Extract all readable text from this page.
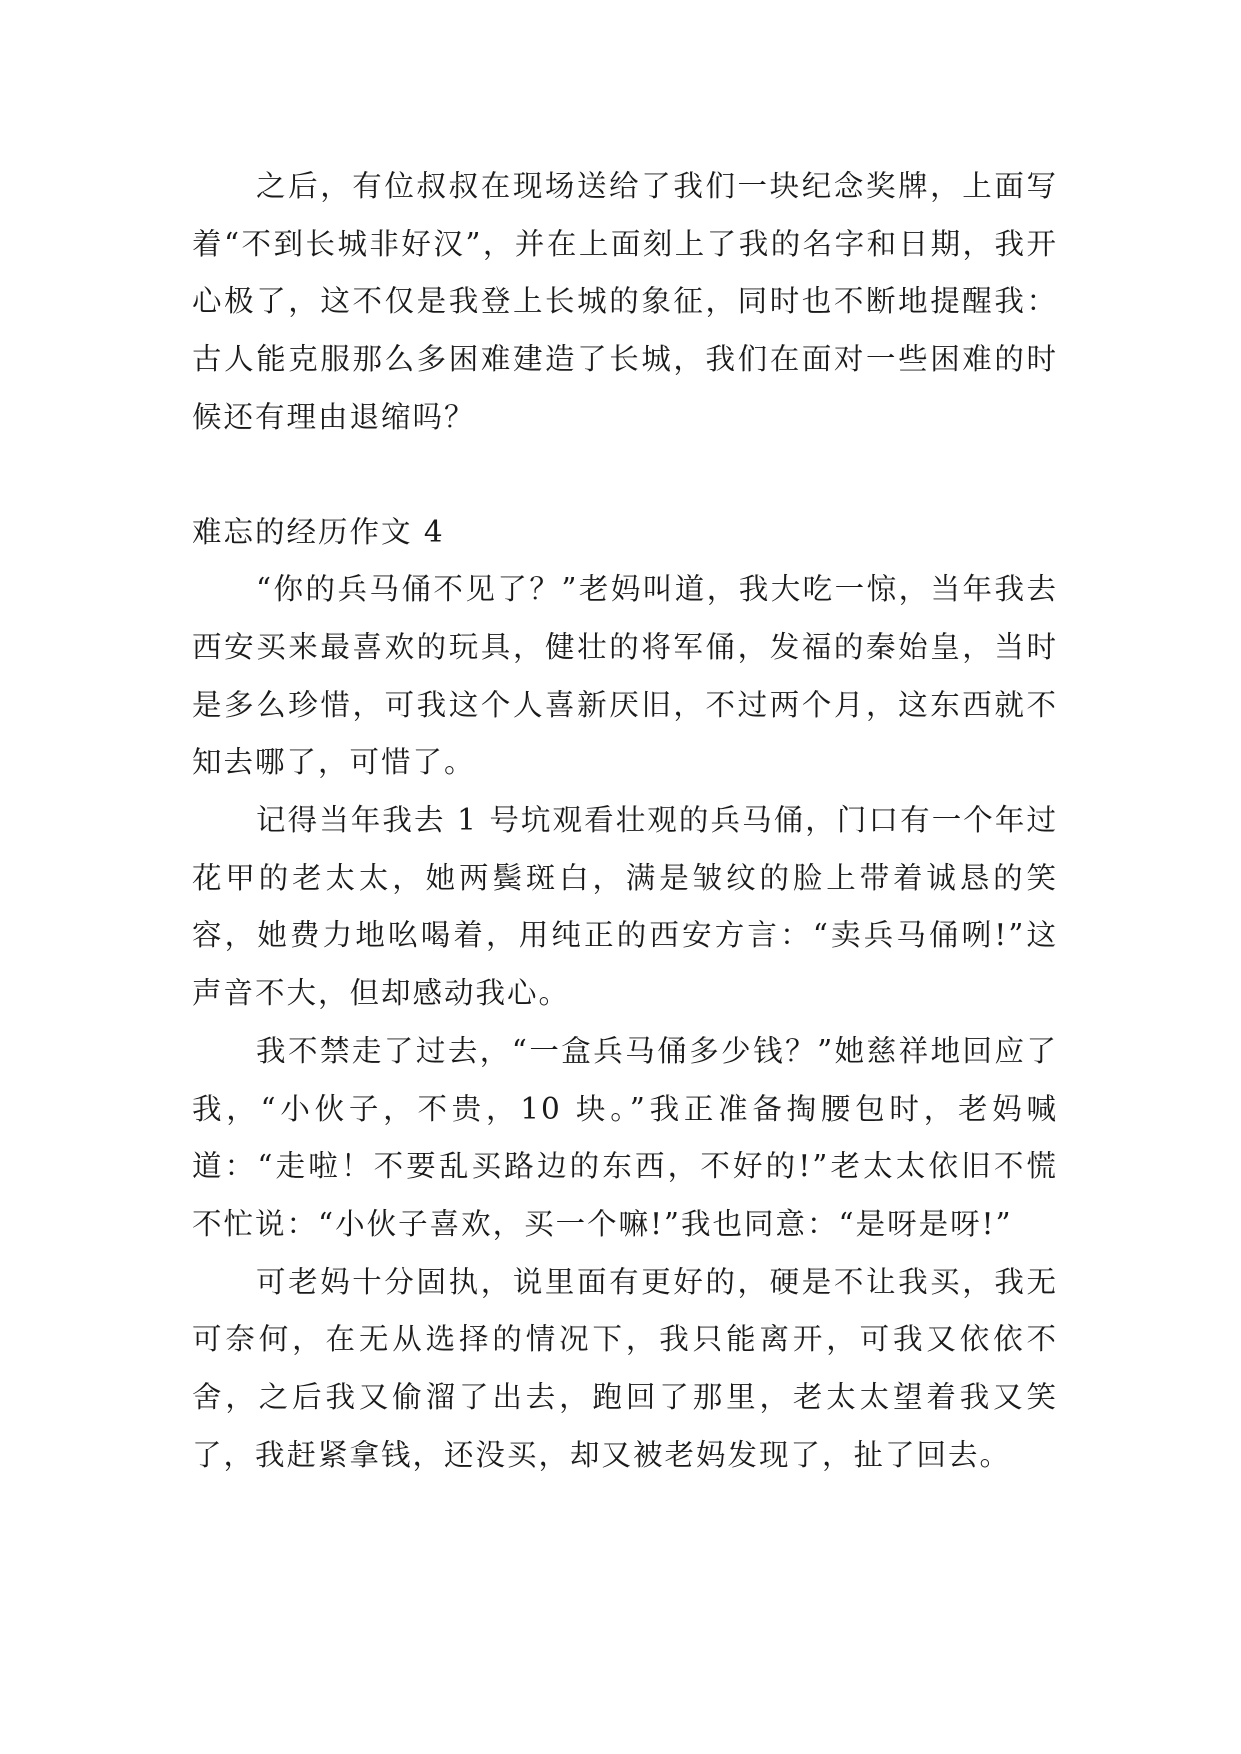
之后，有位叔叔在现场送给了我们一块纪念奖牌，上面写着“不到长城非好汉”，并在上面刻上了我的名字和日期，我开心极了，这不仅是我登上长城的象征，同时也不断地提醒我：古人能克服那么多困难建造了长城，我们在面对一些困难的时候还有理由退缩吗？

难忘的经历作文 4

“你的兵马俑不见了？”老妈叫道，我大吃一惊，当年我去西安买来最喜欢的玩具，健壮的将军俑，发福的秦始皇，当时是多么珍惜，可我这个人喜新厌旧，不过两个月，这东西就不知去哪了，可惜了。

记得当年我去 1 号坑观看壮观的兵马俑，门口有一个年过花甲的老太太，她两鬓斑白，满是皱纹的脸上带着诚恳的笑容，她费力地吆喝着，用纯正的西安方言：“卖兵马俑咧!”这声音不大，但却感动我心。

我不禁走了过去，“一盒兵马俑多少钱？”她慈祥地回应了我，“小伙子，不贵，10 块。”我正准备掏腰包时，老妈喊道：“走啦！不要乱买路边的东西，不好的!”老太太依旧不慌不忙说：“小伙子喜欢，买一个嘛!”我也同意：“是呀是呀!”

可老妈十分固执，说里面有更好的，硬是不让我买，我无可奈何，在无从选择的情况下，我只能离开，可我又依依不舍，之后我又偷溜了出去，跑回了那里，老太太望着我又笑了，我赶紧拿钱，还没买，却又被老妈发现了，扯了回去。
